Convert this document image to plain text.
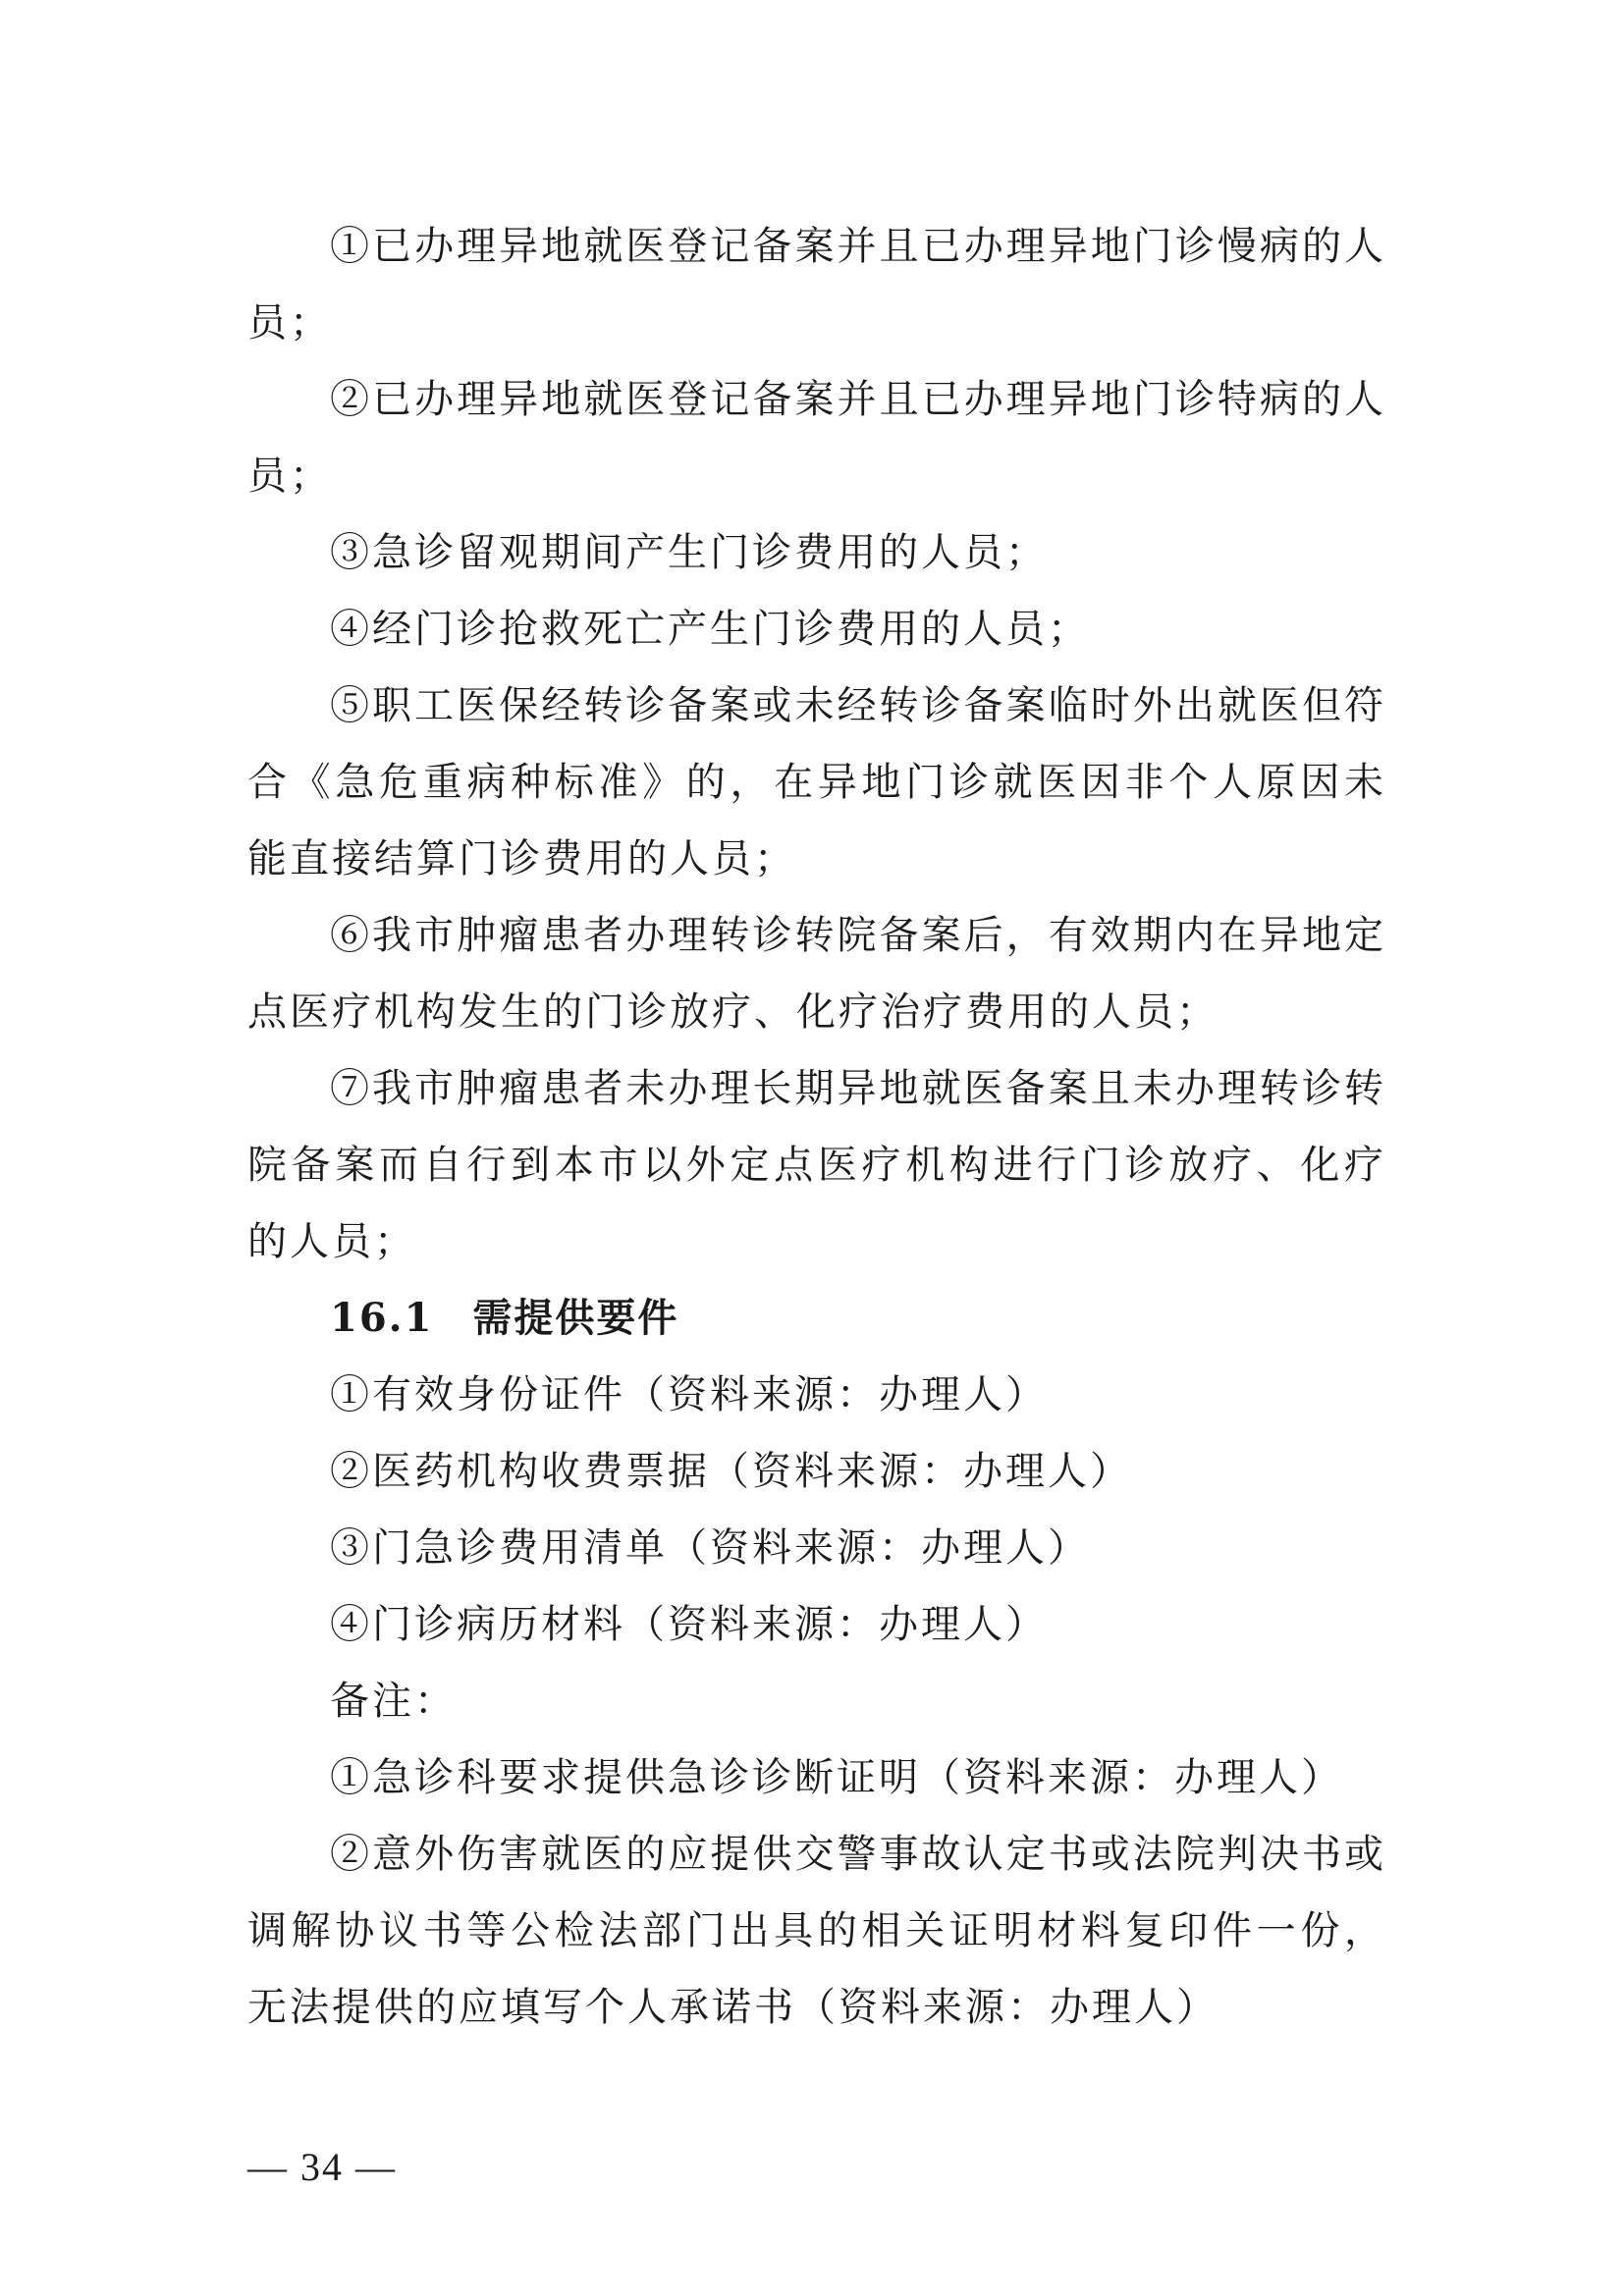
①已办理异地就医登记备案并且已办理异地门诊慢病的人员；

②已办理异地就医登记备案并且已办理异地门诊特病的人员；

③急诊留观期间产生门诊费用的人员；

④经门诊抢救死亡产生门诊费用的人员；

⑤职工医保经转诊备案或未经转诊备案临时外出就医但符合《急危重病种标准》的，在异地门诊就医因非个人原因未能直接结算门诊费用的人员；

⑥我市肿瘤患者办理转诊转院备案后，有效期内在异地定点医疗机构发生的门诊放疗、化疗治疗费用的人员；

⑦我市肿瘤患者未办理长期异地就医备案且未办理转诊转院备案而自行到本市以外定点医疗机构进行门诊放疗、化疗的人员；

16.1 需提供要件

①有效身份证件（资料来源：办理人）

②医药机构收费票据（资料来源：办理人）

③门急诊费用清单（资料来源：办理人）

④门诊病历材料（资料来源：办理人）

备注：

①急诊科要求提供急诊诊断证明（资料来源：办理人）

②意外伤害就医的应提供交警事故认定书或法院判决书或调解协议书等公检法部门出具的相关证明材料复印件一份，无法提供的应填写个人承诺书（资料来源：办理人）

— 34 —
